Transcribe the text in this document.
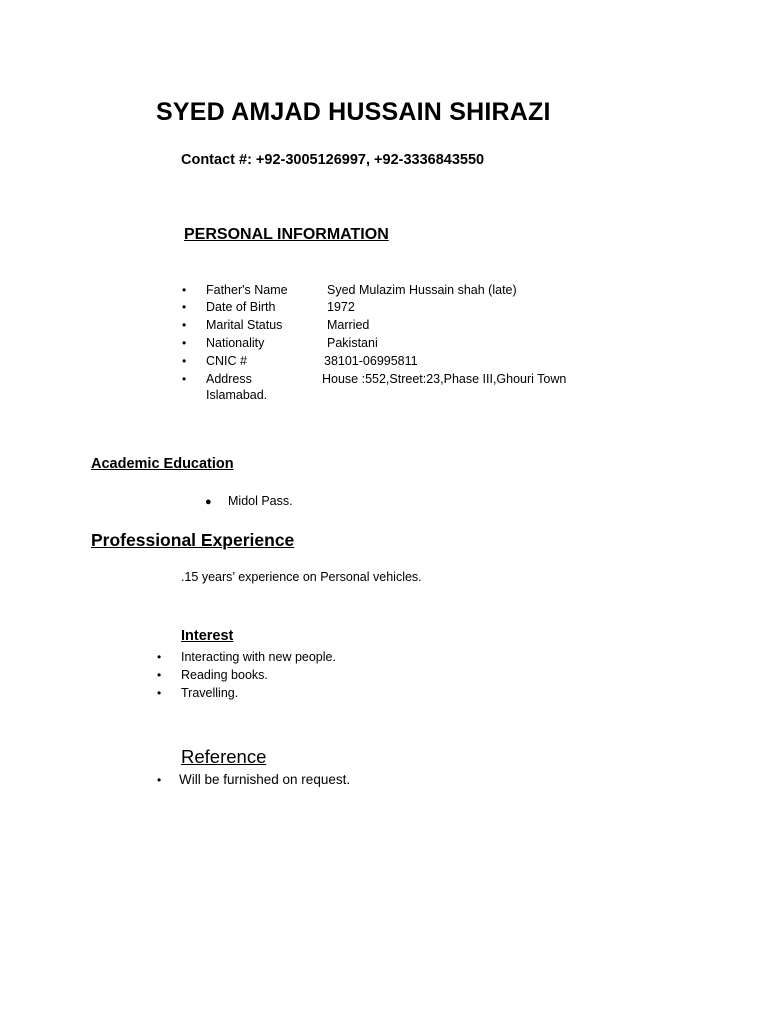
SYED AMJAD HUSSAIN SHIRAZI
Contact #: +92-3005126997, +92-3336843550
PERSONAL INFORMATION
• Father's Name	Syed Mulazim Hussain shah (late)
• Date of Birth	1972
• Marital Status	Married
• Nationality	Pakistani
• CNIC #	38101-06995811
• Address	House :552,Street:23,Phase III,Ghouri Town
Islamabad.
Academic Education
● Midol Pass.
Professional Experience
.15 years’ experience on Personal vehicles.
Interest
• Interacting with new people.
• Reading books.
• Travelling.
Reference
• Will be furnished on request.
